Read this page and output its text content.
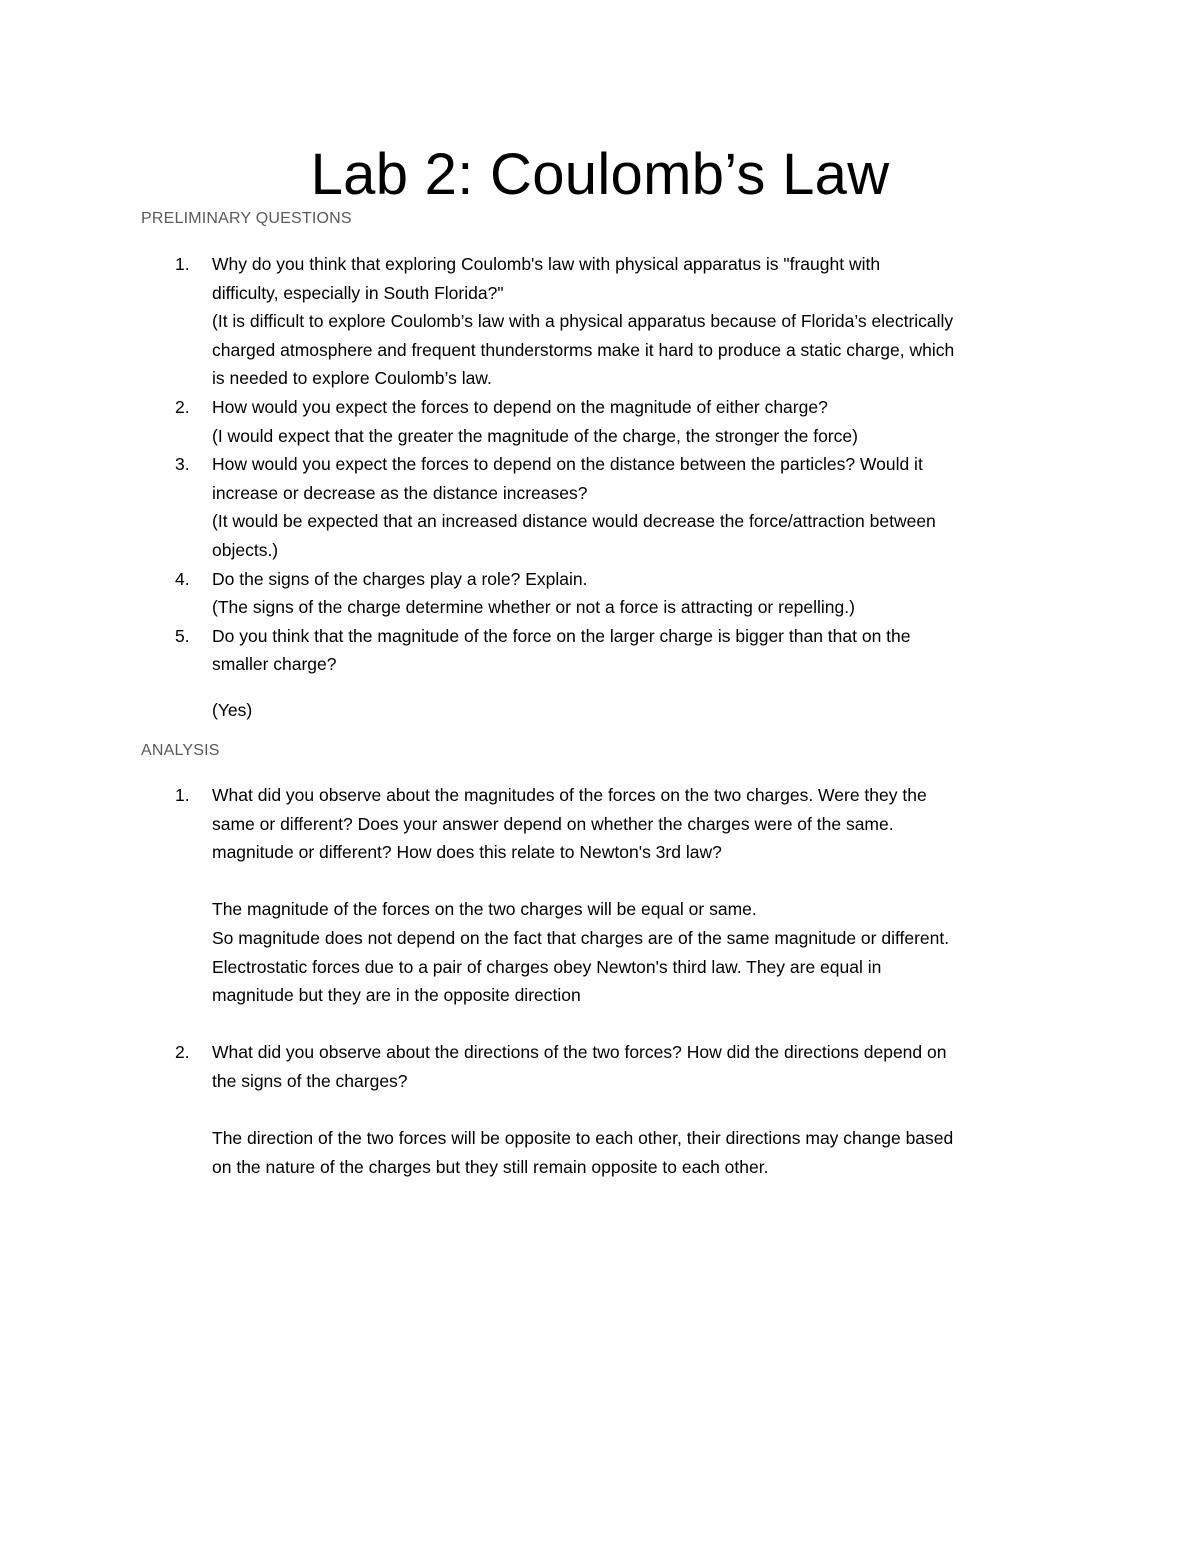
Lab 2: Coulomb’s Law

PRELIMINARY QUESTIONS

1.	Why do you think that exploring Coulomb's law with physical apparatus is "fraught with
difficulty, especially in South Florida?"
(It is difficult to explore Coulomb’s law with a physical apparatus because of Florida’s electrically
charged atmosphere and frequent thunderstorms make it hard to produce a static charge, which
is needed to explore Coulomb’s law.
2.	How would you expect the forces to depend on the magnitude of either charge?
(I would expect that the greater the magnitude of the charge, the stronger the force)
3.	How would you expect the forces to depend on the distance between the particles? Would it
increase or decrease as the distance increases?
(It would be expected that an increased distance would decrease the force/attraction between
objects.)
4.	Do the signs of the charges play a role? Explain.
(The signs of the charge determine whether or not a force is attracting or repelling.)
5.	Do you think that the magnitude of the force on the larger charge is bigger than that on the
smaller charge?
(Yes)

ANALYSIS

1.	What did you observe about the magnitudes of the forces on the two charges. Were they the
same or different? Does your answer depend on whether the charges were of the same.
magnitude or different? How does this relate to Newton's 3rd law?
The magnitude of the forces on the two charges will be equal or same.
So magnitude does not depend on the fact that charges are of the same magnitude or different.
Electrostatic forces due to a pair of charges obey Newton's third law. They are equal in
magnitude but they are in the opposite direction
2.	What did you observe about the directions of the two forces? How did the directions depend on
the signs of the charges?
The direction of the two forces will be opposite to each other, their directions may change based
on the nature of the charges but they still remain opposite to each other.
